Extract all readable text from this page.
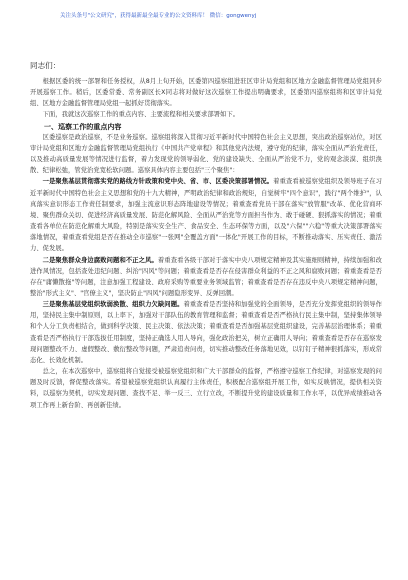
关注头条号"公文研究"，获得最新最全最专业的公文资料库！ 微信：gongwenyj
同志们：

根据区委的统一部署和任务授权，从8月上旬开始，区委第四巡察组进驻区审计局党组和区地方金融监督管理局党组同步开展巡察工作。稍后，区委常委、常务副区长X同志将对做好这次巡察工作提出明确要求，区委第四巡察组将和区审计局党组、区地方金融监督管理局党组一起抓好贯彻落实。

下面，我就这次巡察工作的重点内容、主要流程和相关要求部署如下。

一、巡察工作的重点内容

区委巡察是政治巡察，不是业务巡察。巡察组将深入贯彻习近平新时代中国特色社会主义思想，突出政治巡察站位，对区审计局党组和区地方金融监督管理局党组执行《中国共产党章程》和其他党内法规，遵守党的纪律，落实全面从严治党责任，以及推动高质量发展等情况进行监督，着力发现党的领导弱化、党的建设缺失、全面从严治党不力，党的观念淡漠、组织涣散、纪律松弛，管党治党宽松软问题。巡察具体内容主要包括"三个聚焦"：

一是聚焦基层贯彻落实党的路线方针政策和党中央、省、市、区委决策部署情况。着重查看被巡察党组织及领导班子在习近平新时代中国特色社会主义思想和党的十九大精神，严明政治纪律和政治规矩，自觉树牢"四个意识"，践行"两个维护"，认真落实意识形态工作责任制要求，加强主流意识形态阵地建设等情况；着重查看党员干部在落实"放管服"改革、优化营商环境、聚焦群众关切、促进经济高质量发展、防范化解风险、全面从严治党等方面担当作为、敢于碰硬、狠抓落实的情况；着重查看各单位在防范化解重大风险，特别是落实安全生产、食品安全、生态环保等方面，以及"六保""六稳"等重大决策部署落实落地情况，着重查看党组是否在推动全市巡察"一张网"全覆盖方面"一体化"开展工作的目标，不断推动落实、压实责任、激活力、促发展。

二是聚焦群众身边腐败问题和不正之风。着重查看各级干部对于落实中央八项规定精神及其实施细则精神，持续加强和改进作风情况，包括查处违纪问题、纠治"四风"等问题；着重查看是否存在侵害群众利益的不正之风和腐败问题；着重查看是否存在"庸懒散拖"等问题，注意加强工程建设、政府采购等重要业务领域监管；着重查看是否存在违反中央八项规定精神问题，整治"形式主义"、"官僚主义"，坚决防止"四风"问题隐形变异、反弹回潮。

三是聚焦基层党组织软弱涣散、组织力欠缺问题。着重查看是否坚持和加强党的全面领导，是否充分发挥党组织的领导作用，坚持民主集中制原则，以上率下，加强对干部队伍的教育管理和监督；着重查看是否严格执行民主集中制，坚持集体领导和个人分工负责相结合，做到科学决策、民主决策、依法决策；着重查看是否加强基层党组织建设，完善基层治理体系；着重查看是否严格执行干部选拔任用制度，坚持正确选人用人导向，强化政治把关，树立正确用人导向；着重查看是否存在巡察发现问题整改不力、虚假整改、敷衍整改等问题，严肃追责问责，切实推动整改任务落地见效，以钉钉子精神狠抓落实，形成常态化、长效化机制。

总之，在本次巡察中，巡察组将自觉接受被巡察党组织和广大干部群众的监督，严格遵守巡察工作纪律，对巡察发现的问题及时反馈，督促整改落实。希望被巡察党组织认真履行主体责任，积极配合巡察组开展工作，如实反映情况，提供相关资料，以巡察为契机，切实发现问题、查找不足、举一反三、立行立改，不断提升党的建设质量和工作水平，以优异成绩推动各项工作再上新台阶、再创新佳绩。
